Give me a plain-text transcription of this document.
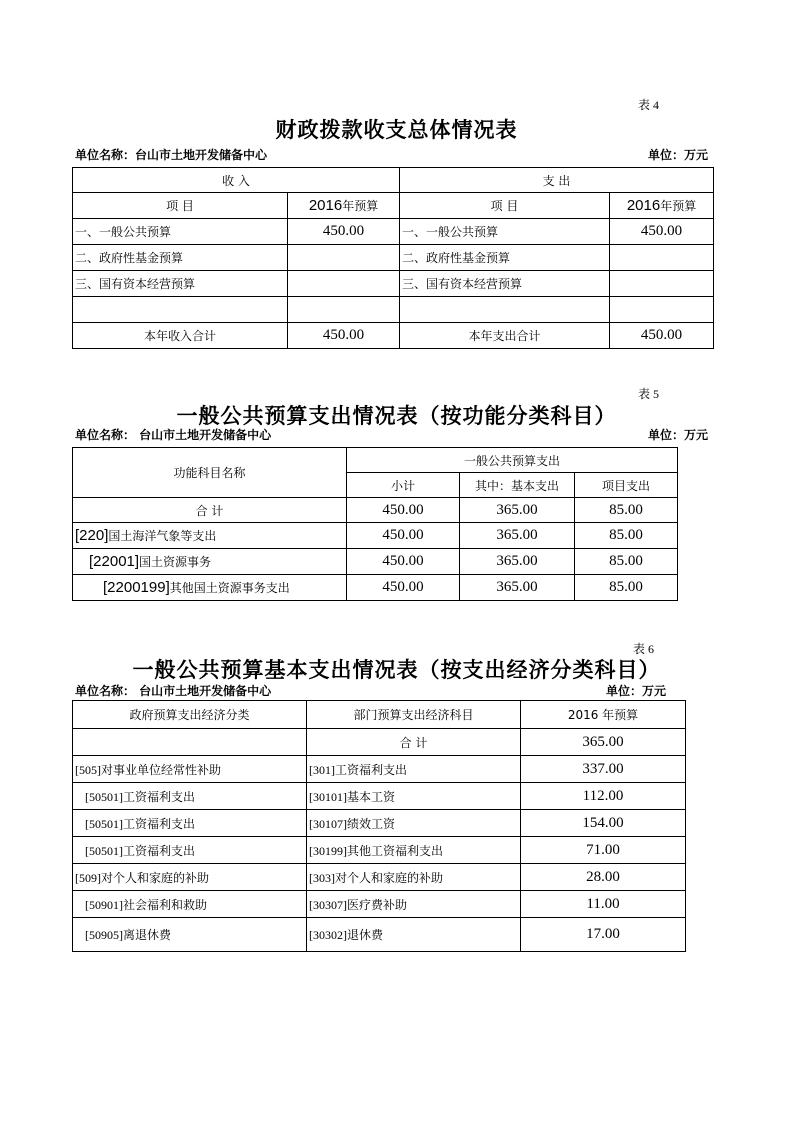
表 4
财政拨款收支总体情况表
单位名称：台山市土地开发储备中心	单位：万元
收 入		支 出	
项 目	2016年预算	项 目	2016年预算
一、一般公共预算	450.00	一、一般公共预算	450.00
二、政府性基金预算		二、政府性基金预算	
三、国有资本经营预算		三、国有资本经营预算	

本年收入合计	450.00	本年支出合计	450.00
表 5
一般公共预算支出情况表（按功能分类科目）
单位名称： 台山市土地开发储备中心	单位：万元
功能科目名称	一般公共预算支出		
	小计	其中：基本支出	项目支出
合 计	450.00	365.00	85.00
[220]国土海洋气象等支出	450.00	365.00	85.00
[22001]国土资源事务	450.00	365.00	85.00
[2200199]其他国土资源事务支出	450.00	365.00	85.00
表 6
一般公共预算基本支出情况表（按支出经济分类科目）
单位名称： 台山市土地开发储备中心	单位：万元
政府预算支出经济分类	部门预算支出经济科目	2016 年预算
	合 计	365.00
[505]对事业单位经常性补助	[301]工资福利支出	337.00
[50501]工资福利支出	[30101]基本工资	112.00
[50501]工资福利支出	[30107]绩效工资	154.00
[50501]工资福利支出	[30199]其他工资福利支出	71.00
[509]对个人和家庭的补助	[303]对个人和家庭的补助	28.00
[50901]社会福利和救助	[30307]医疗费补助	11.00
[50905]离退休费	[30302]退休费	17.00
